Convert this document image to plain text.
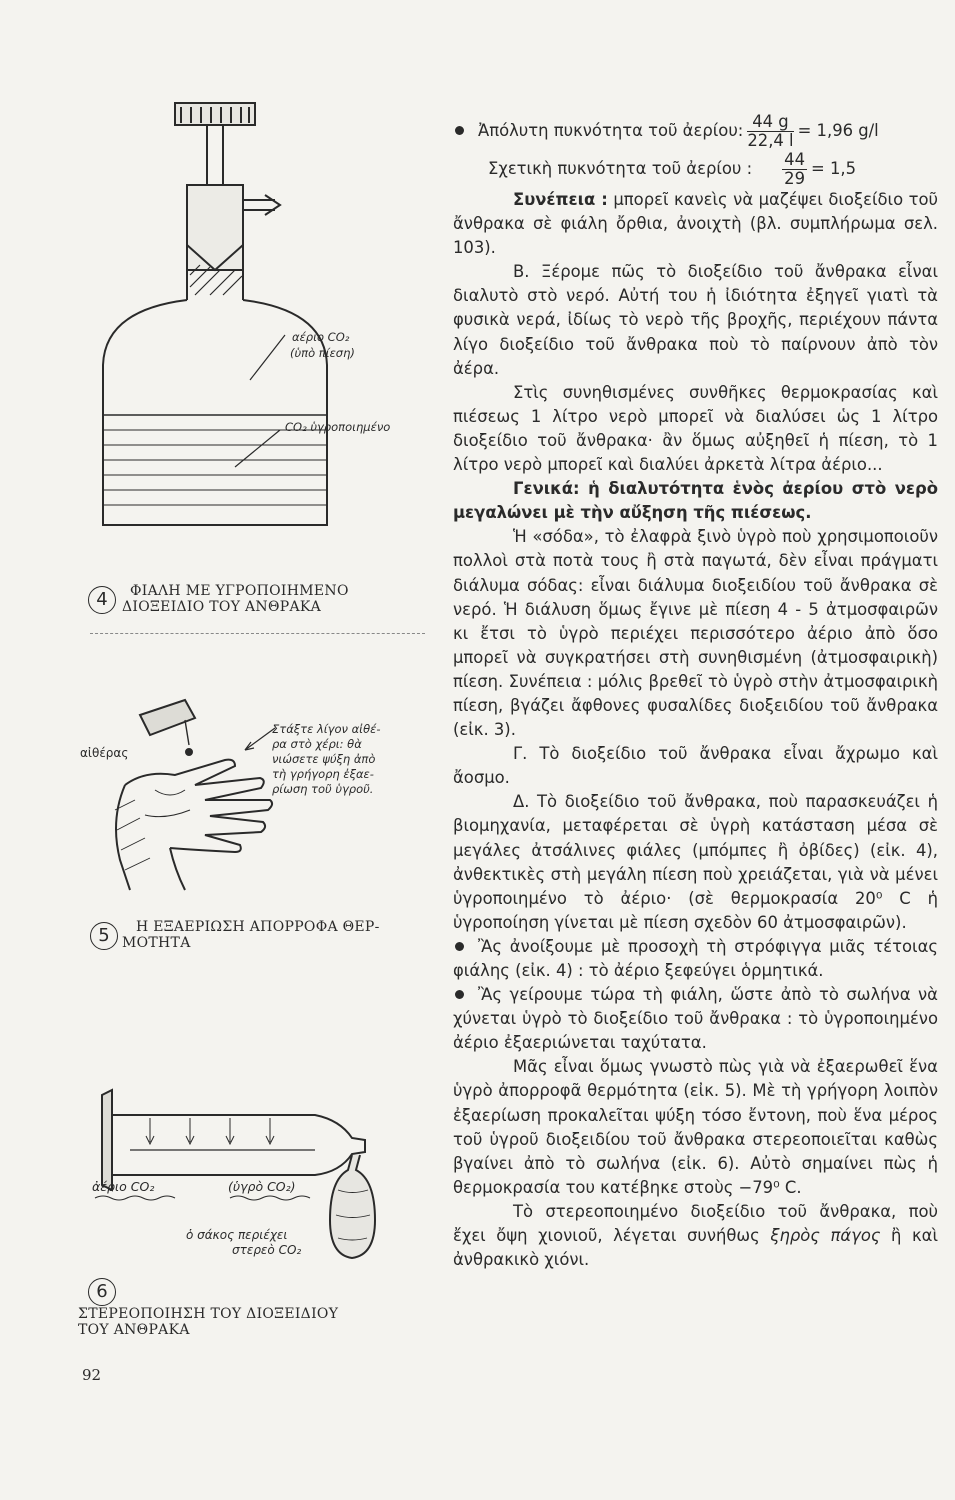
αέριο CO₂
(ὑπὸ πίεση)
CO₂ ὑγροποιημένο
4	ΦΙΑΛΗ ΜΕ ΥΓΡΟΠΟΙΗΜΕΝΟ
ΔΙΟΞΕΙΔΙΟ ΤΟΥ ΑΝΘΡΑΚΑ
αἰθέρας
Στάξτε λίγον αἰθέ-
ρα στὸ χέρι: θὰ
νιώσετε ψύξη ἀπὸ
τὴ γρήγορη ἐξαε-
ρίωση τοῦ ὑγροῦ.
5	Η ΕΞΑΕΡΙΩΣΗ ΑΠΟΡΡΟΦΑ ΘΕΡ-
ΜΟΤΗΤΑ
ἀέριο CO₂	(ὑγρὸ CO₂)
ὁ σάκος περιέχει
στερεὸ CO₂
6
ΣΤΕΡΕΟΠΟΙΗΣΗ ΤΟΥ ΔΙΟΞΕΙΔΙΟΥ
ΤΟΥ ΑΝΘΡΑΚΑ
92
Ἀπόλυτη πυκνότητα τοῦ ἀερίου: $\frac{44 g}{22,4 l} = 1,96$ g/l
Σχετικὴ πυκνότητα τοῦ ἀερίου : $\frac{44}{29} = 1,5$

Συνέπεια : μπορεῖ κανεὶς νὰ μαζέψει διοξείδιο τοῦ ἄνθρακα σὲ φιάλη ὄρθια, ἀνοιχτὴ (βλ. συμπλήρωμα σελ. 103).

B. Ξέρομε πῶς τὸ διοξείδιο τοῦ ἄνθρακα εἶναι διαλυτὸ στὸ νερό. Αὐτή του ἡ ἰδιότητα ἐξηγεῖ γιατὶ τὰ φυσικὰ νερά, ἰδίως τὸ νερὸ τῆς βροχῆς, περιέχουν πάντα λίγο διοξείδιο τοῦ ἄνθρακα ποὺ τὸ παίρνουν ἀπὸ τὸν ἀέρα.

Στὶς συνηθισμένες συνθῆκες θερμοκρασίας καὶ πιέσεως 1 λίτρο νερὸ μπορεῖ νὰ διαλύσει ὡς 1 λίτρο διοξείδιο τοῦ ἄνθρακα· ἂν ὅμως αὐξηθεῖ ἡ πίεση, τὸ 1 λίτρο νερὸ μπορεῖ καὶ διαλύει ἀρκετὰ λίτρα ἀέριο...

Γενικά: ἡ διαλυτότητα ἑνὸς ἀερίου στὸ νερὸ μεγαλώνει μὲ τὴν αὔξηση τῆς πιέσεως.

Ἡ «σόδα», τὸ ἐλαφρὰ ξινὸ ὑγρὸ ποὺ χρησιμοποιοῦν πολλοὶ στὰ ποτὰ τους ἢ στὰ παγωτά, δὲν εἶναι πράγματι διάλυμα σόδας: εἶναι διάλυμα διοξειδίου τοῦ ἄνθρακα σὲ νερό. Ἡ διάλυση ὅμως ἔγινε μὲ πίεση 4 - 5 ἀτμοσφαιρῶν κι ἔτσι τὸ ὑγρὸ περιέχει περισσότερο ἀέριο ἀπὸ ὅσο μπορεῖ νὰ συγκρατήσει στὴ συνηθισμένη (ἀτμοσφαιρικὴ) πίεση. Συνέπεια : μόλις βρεθεῖ τὸ ὑγρὸ στὴν ἀτμοσφαιρικὴ πίεση, βγάζει ἄφθονες φυσαλίδες διοξειδίου τοῦ ἄνθρακα (εἰκ. 3).

Γ. Τὸ διοξείδιο τοῦ ἄνθρακα εἶναι ἄχρωμο καὶ ἄοσμο.

Δ. Τὸ διοξείδιο τοῦ ἄνθρακα, ποὺ παρασκευάζει ἡ βιομηχανία, μεταφέρεται σὲ ὑγρὴ κατάσταση μέσα σὲ μεγάλες ἀτσάλινες φιάλες (μπόμπες ἢ ὀβίδες) (εἰκ. 4), ἀνθεκτικὲς στὴ μεγάλη πίεση ποὺ χρειάζεται, γιὰ νὰ μένει ὑγροποιημένο τὸ ἀέριο· (σὲ θερμοκρασία 20⁰ C ἡ ὑγροποίηση γίνεται μὲ πίεση σχεδὸν 60 ἀτμοσφαιρῶν).

Ἂς ἀνοίξουμε μὲ προσοχὴ τὴ στρόφιγγα μιᾶς τέτοιας φιάλης (εἰκ. 4) : τὸ ἀέριο ξεφεύγει ὁρμητικά.

Ἂς γείρουμε τώρα τὴ φιάλη, ὥστε ἀπὸ τὸ σωλήνα νὰ χύνεται ὑγρὸ τὸ διοξείδιο τοῦ ἄνθρακα : τὸ ὑγροποιημένο ἀέριο ἐξαεριώνεται ταχύτατα.

Μᾶς εἶναι ὅμως γνωστὸ πὼς γιὰ νὰ ἐξαερωθεῖ ἕνα ὑγρὸ ἀπορροφᾶ θερμότητα (εἰκ. 5). Μὲ τὴ γρήγορη λοιπὸν ἐξαερίωση προκαλεῖται ψύξη τόσο ἔντονη, ποὺ ἕνα μέρος τοῦ ὑγροῦ διοξειδίου τοῦ ἄνθρακα στερεοποιεῖται καθὼς βγαίνει ἀπὸ τὸ σωλήνα (εἰκ. 6). Αὐτὸ σημαίνει πὼς ἡ θερμοκρασία του κατέβηκε στοὺς −79⁰ C.

Τὸ στερεοποιημένο διοξείδιο τοῦ ἄνθρακα, ποὺ ἔχει ὄψη χιονιοῦ, λέγεται συνήθως ξηρὸς πάγος ἢ καὶ ἀνθρακικὸ χιόνι.
